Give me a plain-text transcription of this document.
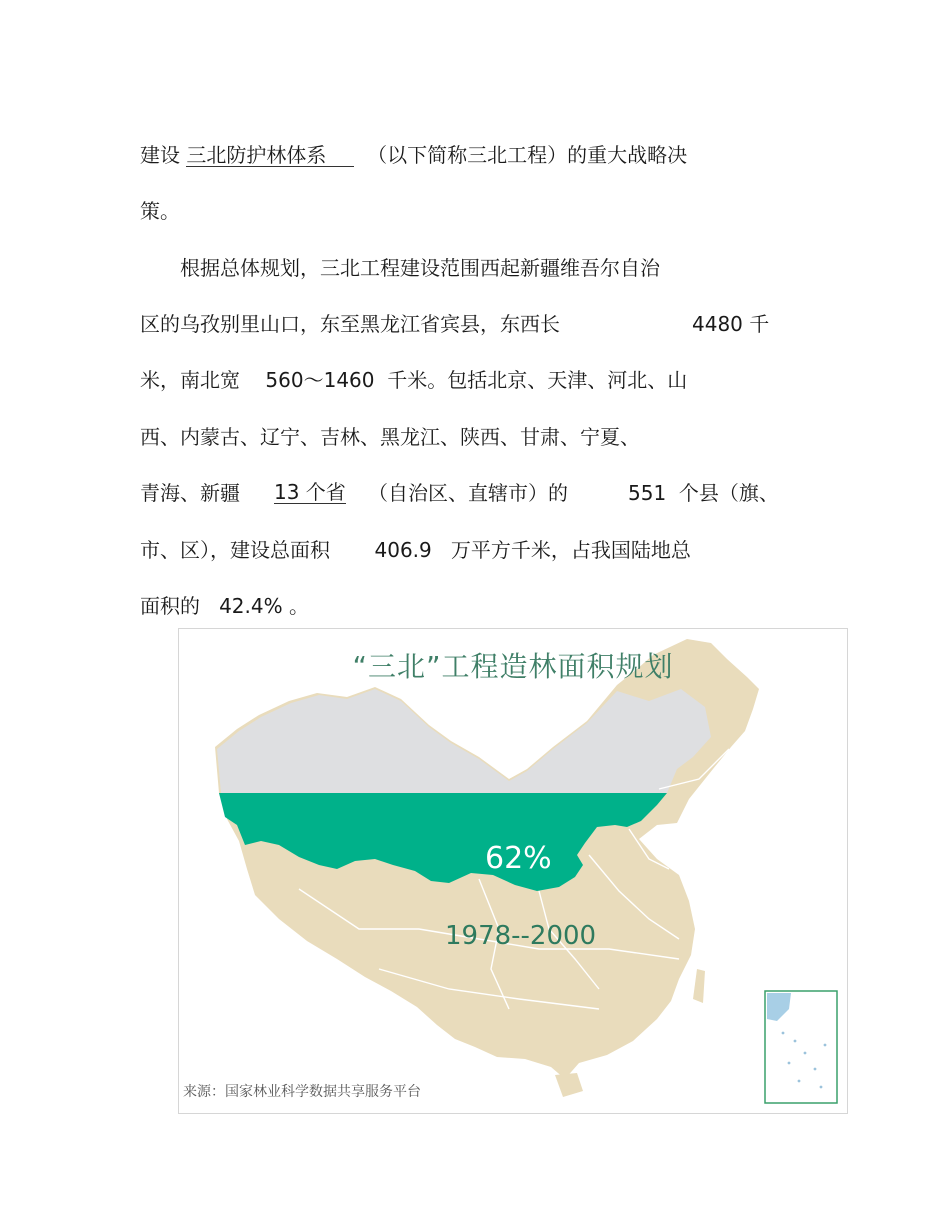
建设 三北防护林体系 （以下简称三北工程）的重大战略决

策。

根据总体规划，三北工程建设范围西起新疆维吾尔自治

区的乌孜别里山口，东至黑龙江省宾县，东西长	4480 千

米，南北宽    560～1460  千米。包括北京、天津、河北、山

西、内蒙古、辽宁、吉林、黑龙江、陕西、甘肃、宁夏、

青海、新疆 13 个省 （自治区、直辖市）的	551  个县（旗、

市、区），建设总面积       406.9   万平方千米，占我国陆地总

面积的   42.4% 。

“三北”工程造林面积规划
62%
1978--2000
来源：国家林业科学数据共享服务平台
